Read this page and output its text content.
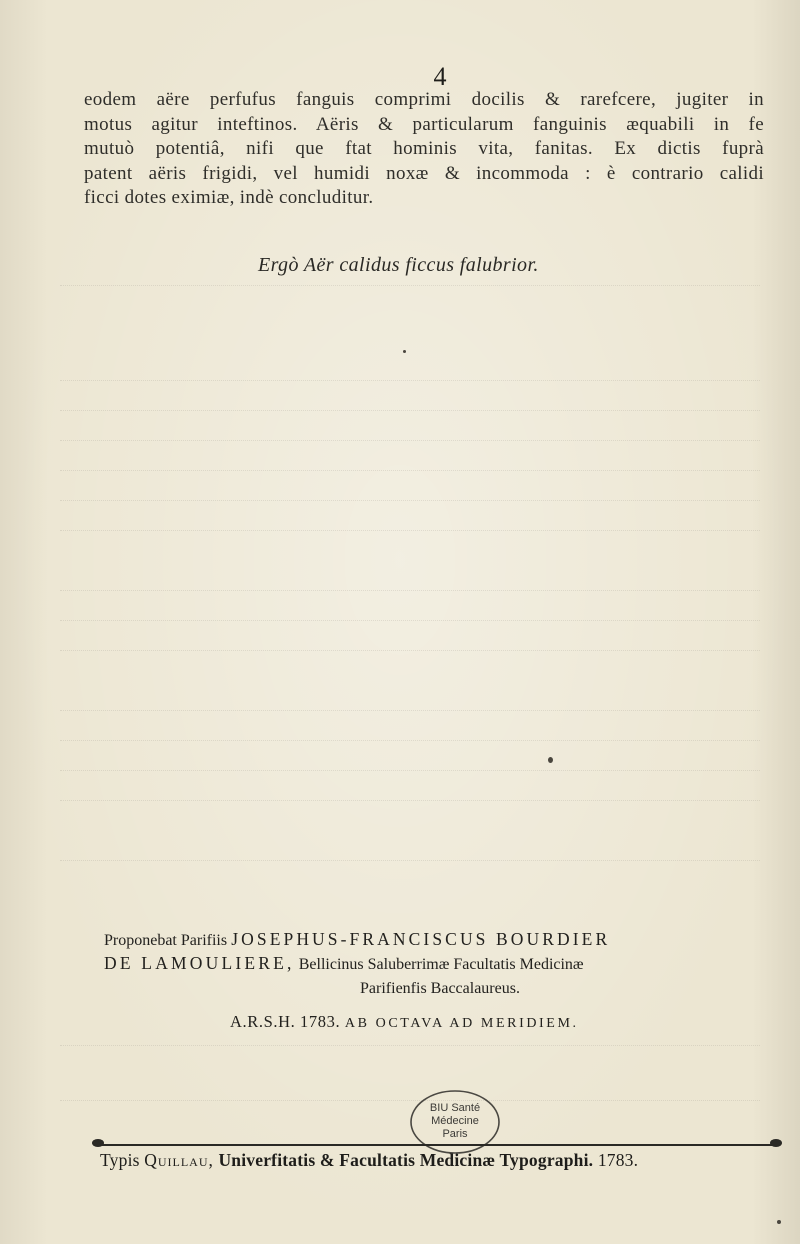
4
eodem aëre perfufus fanguis comprimi docilis & rarefcere, jugiter in
motus agitur inteftinos. Aëris & particularum fanguinis æquabili in fe
mutuò potentiâ, nifi que ftat hominis vita, fanitas. Ex dictis fuprà
patent aëris frigidi, vel humidi noxæ & incommoda : è contrario calidi
ficci dotes eximiæ, indè concluditur.
Ergò Aër calidus ficcus falubrior.
Proponebat Parifiis JOSEPHUS-FRANCISCUS BOURDIER
DE LAMOULIERE, Bellicinus Saluberrimæ Facultatis Medicinæ
Parifienfis Baccalaureus.
A.R.S.H. 1783. AB OCTAVA AD MERIDIEM.
BIU Santé
Médecine
Paris
Typis Quillau, Univerfitatis & Facultatis Medicinæ Typographi. 1783.
